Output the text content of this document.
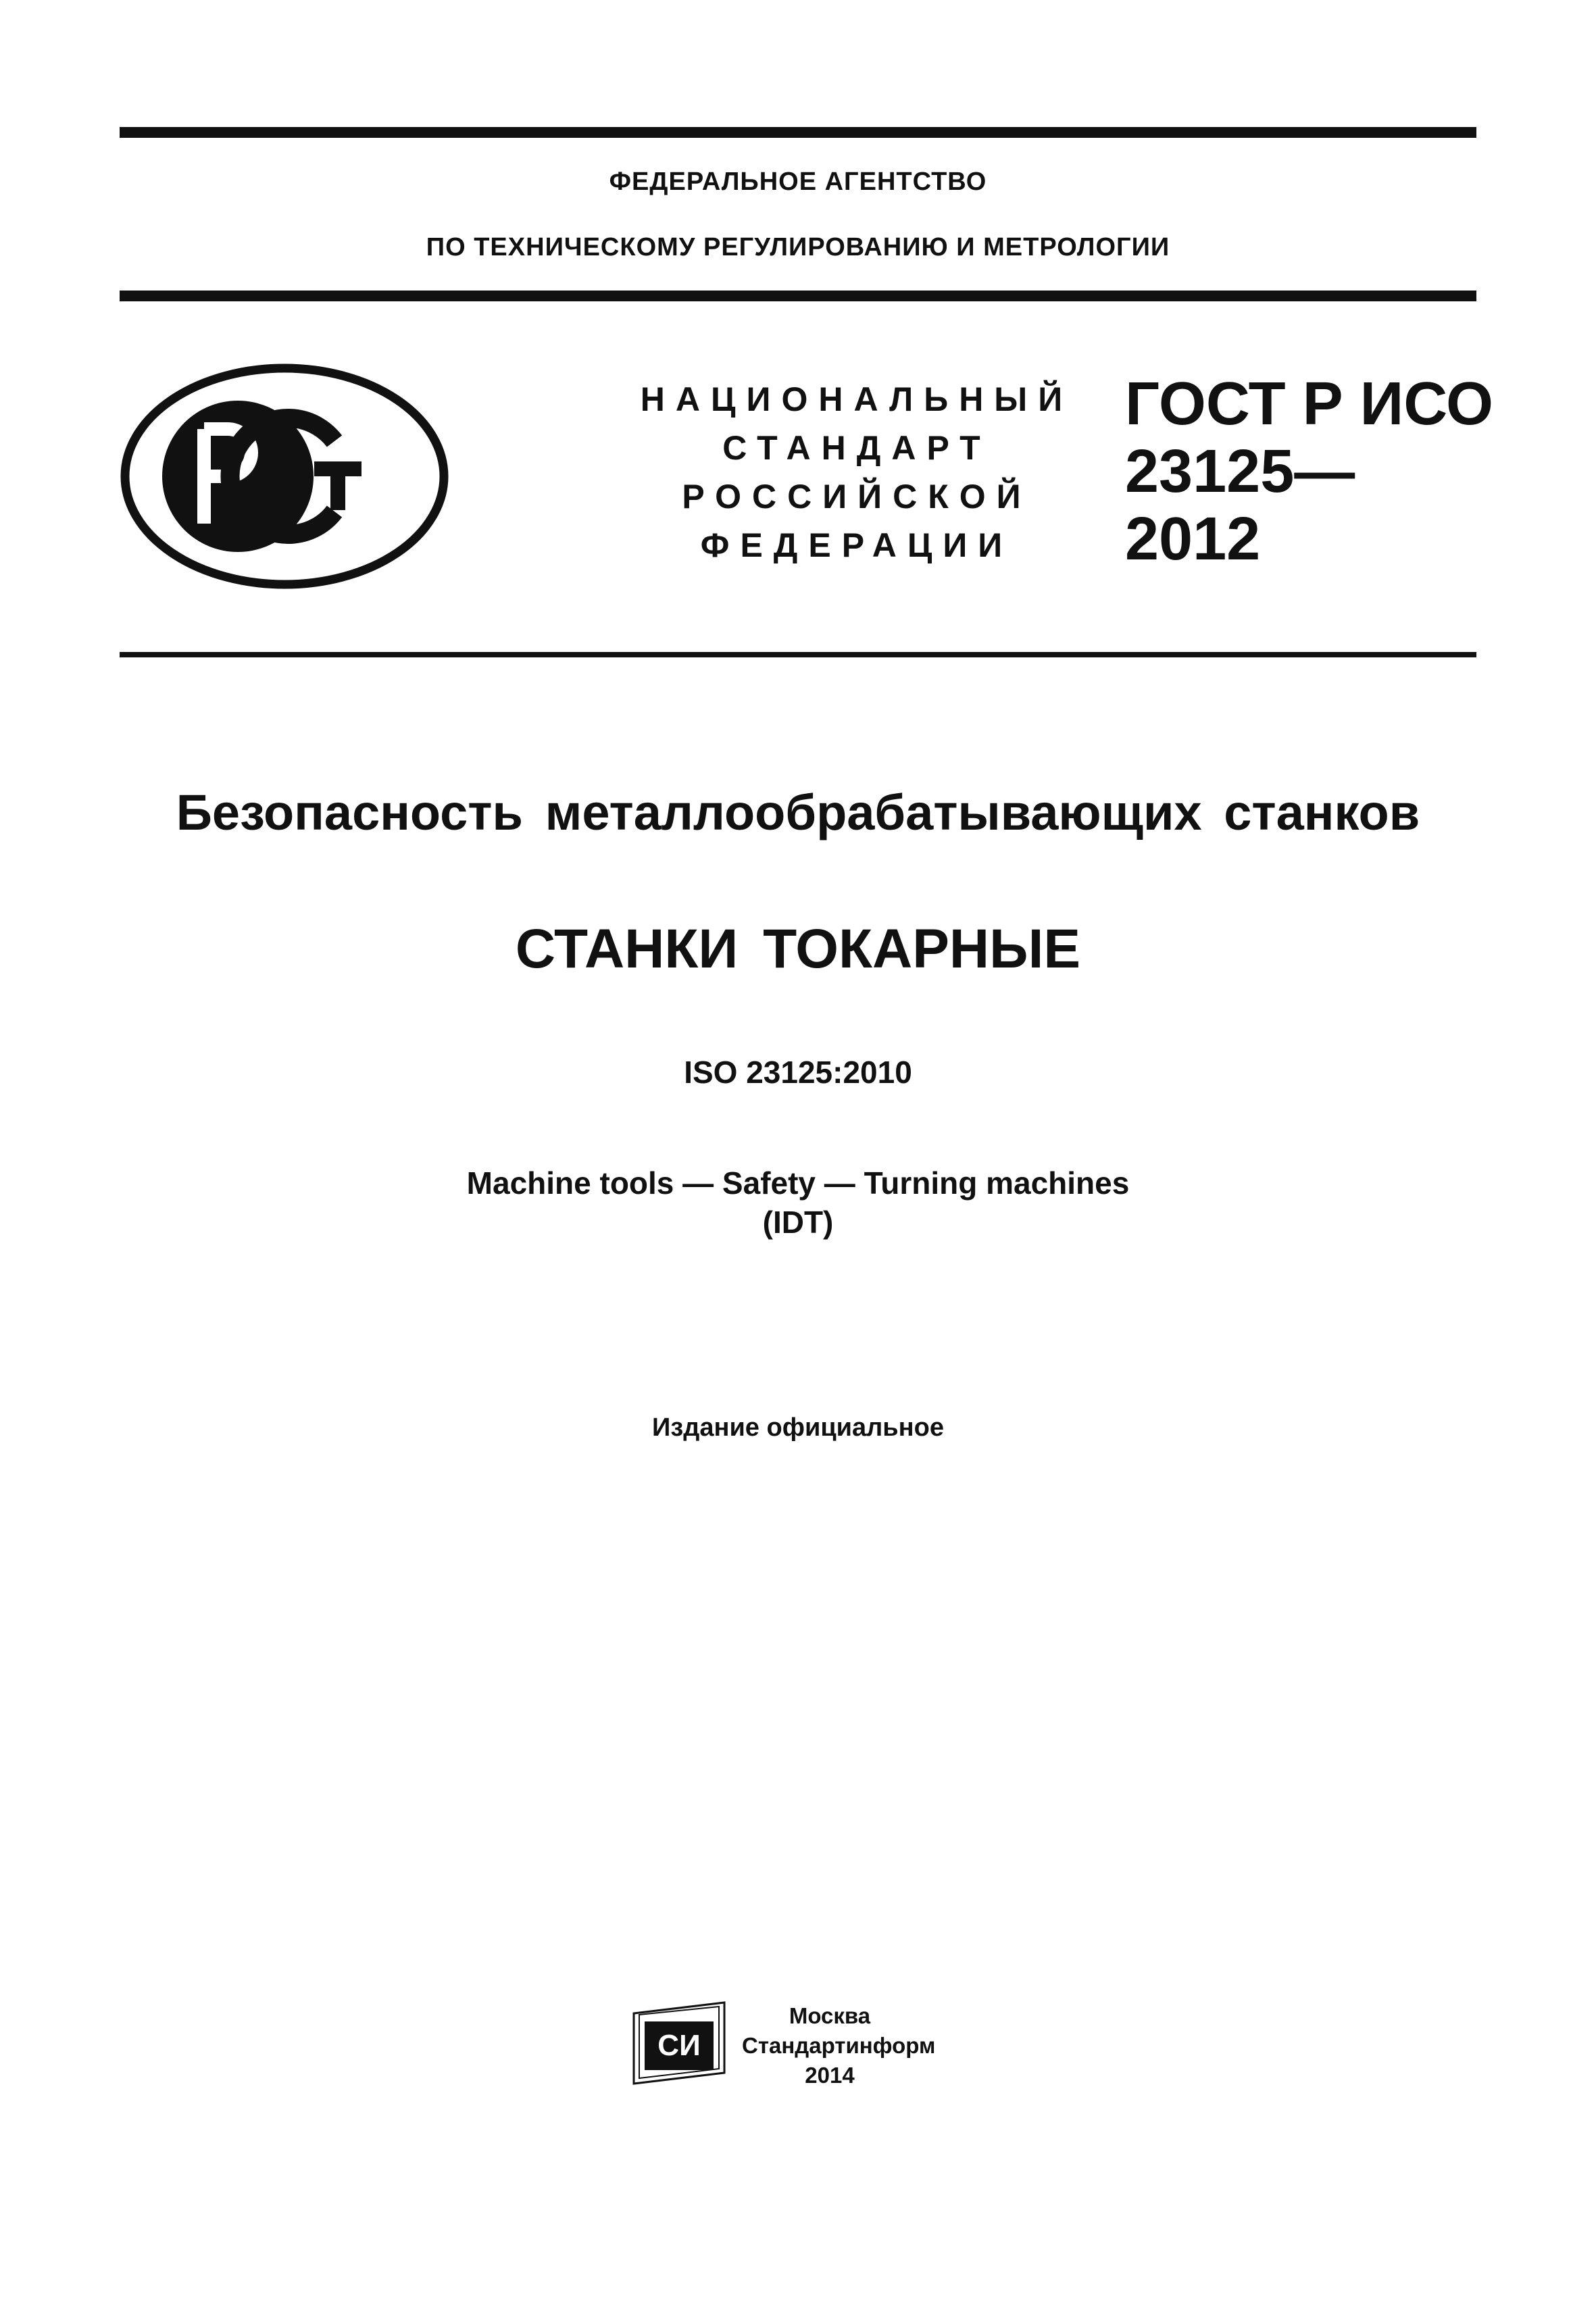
ФЕДЕРАЛЬНОЕ АГЕНТСТВО
ПО ТЕХНИЧЕСКОМУ РЕГУЛИРОВАНИЮ И МЕТРОЛОГИИ
НАЦИОНАЛЬНЫЙ
СТАНДАРТ
РОССИЙСКОЙ
ФЕДЕРАЦИИ
ГОСТ Р ИСО
23125—
2012
Безопасность металлообрабатывающих станков
СТАНКИ ТОКАРНЫЕ
ISO 23125:2010
Machine tools — Safety — Turning machines
(IDT)
Издание официальное
СИ
Москва
Стандартинформ
2014
